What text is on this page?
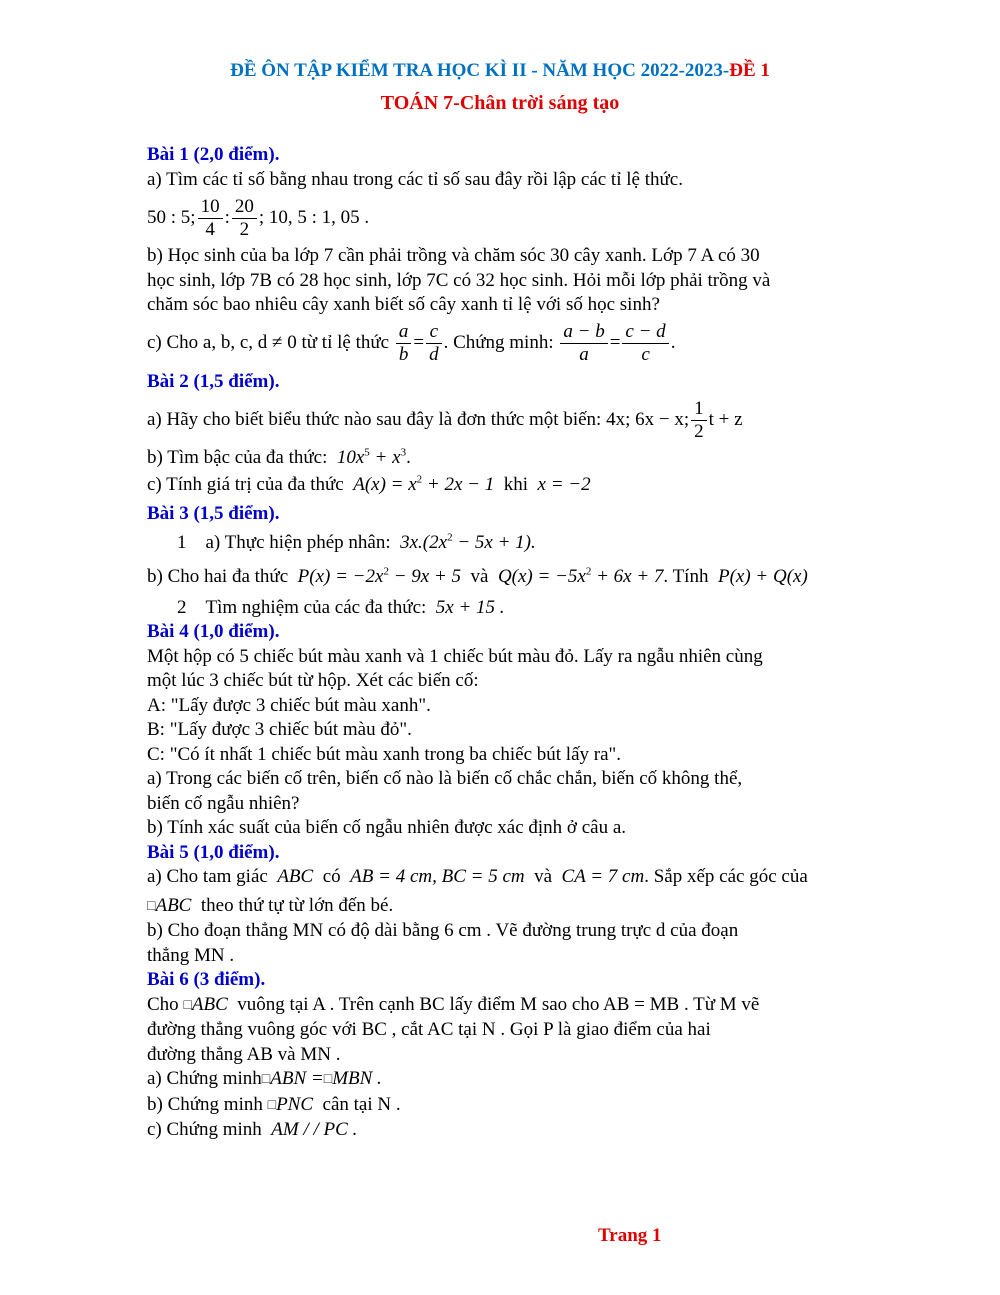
ĐỀ ÔN TẬP KIỂM TRA HỌC KÌ II - NĂM HỌC 2022-2023-ĐỀ 1
TOÁN 7-Chân trời sáng tạo
Bài 1 (2,0 điểm).
a) Tìm các tỉ số bằng nhau trong các tỉ số sau đây rồi lập các tỉ lệ thức.
50 : 5; $\frac{10}{4}$ : $\frac{20}{2}$ ; 10, 5 : 1, 05 .
b) Học sinh của ba lớp 7 cần phải trồng và chăm sóc 30 cây xanh. Lớp 7 A có 30
học sinh, lớp 7B có 28 học sinh, lớp 7C có 32 học sinh. Hỏi mỗi lớp phải trồng và
chăm sóc bao nhiêu cây xanh biết số cây xanh tỉ lệ với số học sinh?
c) Cho a, b, c, d ≠ 0 từ tỉ lệ thức
$\frac{a}{b} = \frac{c}{d}$ . Chứng minh:
$\frac{a - b}{a} = \frac{c - d}{c}$ .
Bài 2 (1,5 điểm).
a) Hãy cho biết biểu thức nào sau đây là đơn thức một biến: 4x; 6x − x; $\frac{1}{2}$ t + z
b) Tìm bậc của đa thức: $10x^5 + x^3$.
c) Tính giá trị của đa thức $A(x) = x^2 + 2x - 1$ khi x = −2
Bài 3 (1,5 điểm).
1 a) Thực hiện phép nhân: $3x.(2x^2 - 5x + 1)$.
b) Cho hai đa thức $P(x) = -2x^2 - 9x + 5$ và $Q(x) = -5x^2 + 6x + 7$. Tính P(x) + Q(x)
2 Tìm nghiệm của các đa thức: 5x + 15 .
Bài 4 (1,0 điểm).
Một hộp có 5 chiếc bút màu xanh và 1 chiếc bút màu đỏ. Lấy ra ngẫu nhiên cùng
một lúc 3 chiếc bút từ hộp. Xét các biến cố:
A: "Lấy được 3 chiếc bút màu xanh".
B: "Lấy được 3 chiếc bút màu đỏ".
C: "Có ít nhất 1 chiếc bút màu xanh trong ba chiếc bút lấy ra".
a) Trong các biến cố trên, biến cố nào là biến cố chắc chắn, biến cố không thể,
biến cố ngẫu nhiên?
b) Tính xác suất của biến cố ngẫu nhiên được xác định ở câu a.
Bài 5 (1,0 điểm).
a) Cho tam giác ABC có AB = 4 cm, BC = 5 cm và CA = 7 cm. Sắp xếp các góc của
□ABC theo thứ tự từ lớn đến bé.
b) Cho đoạn thẳng MN có độ dài bằng 6 cm . Vẽ đường trung trực d của đoạn
thẳng MN .
Bài 6 (3 điểm).
Cho □ABC vuông tại A . Trên cạnh BC lấy điểm M sao cho AB = MB . Từ M vẽ
đường thẳng vuông góc với BC , cắt AC tại N . Gọi P là giao điểm của hai
đường thẳng AB và MN .
a) Chứng minh□ABN =□MBN .
b) Chứng minh □PNC cân tại N .
c) Chứng minh AM / / PC .
Trang 1
